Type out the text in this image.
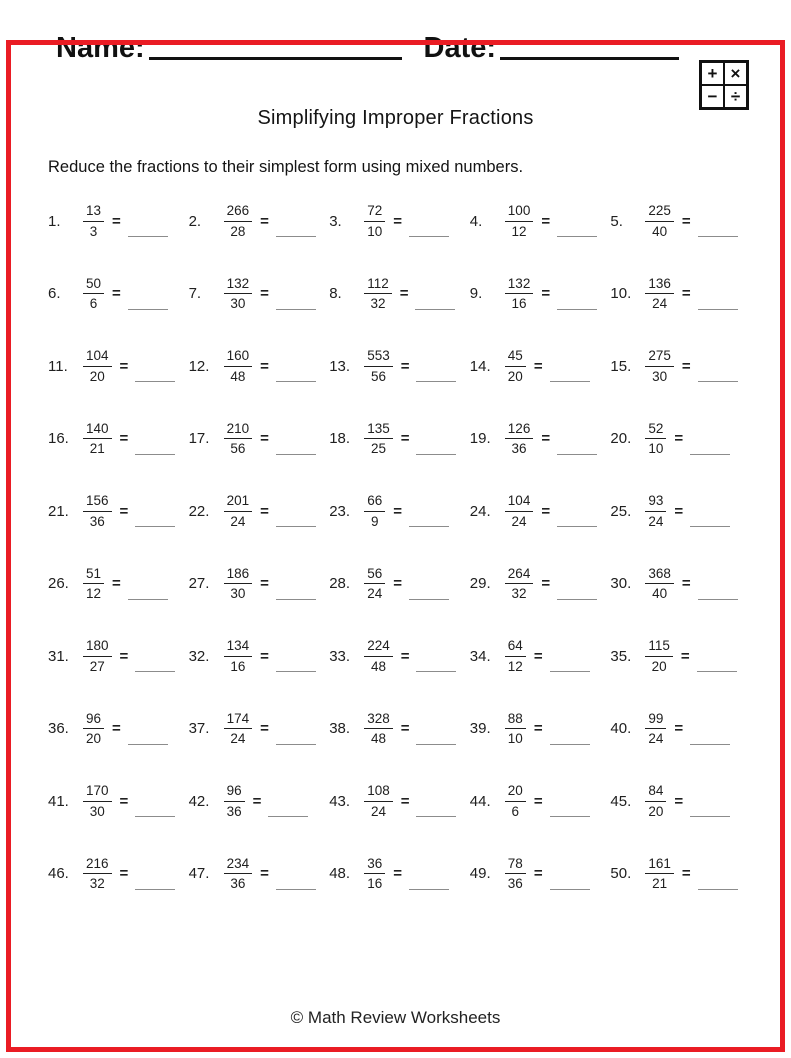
Name:	Date:
+ ×
− ÷
Simplifying Improper Fractions

Reduce the fractions to their simplest form using mixed numbers.

1.	$\frac{13}{3}$ =	2.	$\frac{266}{28}$ =	3.	$\frac{72}{10}$ =	4.	$\frac{100}{12}$ =	5.	$\frac{225}{40}$ =
6.	$\frac{50}{6}$ =	7.	$\frac{132}{30}$ =	8.	$\frac{112}{32}$ =	9.	$\frac{132}{16}$ =	10.	$\frac{136}{24}$ =
11.	$\frac{104}{20}$ =	12.	$\frac{160}{48}$ =	13.	$\frac{553}{56}$ =	14.	$\frac{45}{20}$ =	15.	$\frac{275}{30}$ =
16.	$\frac{140}{21}$ =	17.	$\frac{210}{56}$ =	18.	$\frac{135}{25}$ =	19.	$\frac{126}{36}$ =	20.	$\frac{52}{10}$ =
21.	$\frac{156}{36}$ =	22.	$\frac{201}{24}$ =	23.	$\frac{66}{9}$ =	24.	$\frac{104}{24}$ =	25.	$\frac{93}{24}$ =
26.	$\frac{51}{12}$ =	27.	$\frac{186}{30}$ =	28.	$\frac{56}{24}$ =	29.	$\frac{264}{32}$ =	30.	$\frac{368}{40}$ =
31.	$\frac{180}{27}$ =	32.	$\frac{134}{16}$ =	33.	$\frac{224}{48}$ =	34.	$\frac{64}{12}$ =	35.	$\frac{115}{20}$ =
36.	$\frac{96}{20}$ =	37.	$\frac{174}{24}$ =	38.	$\frac{328}{48}$ =	39.	$\frac{88}{10}$ =	40.	$\frac{99}{24}$ =
41.	$\frac{170}{30}$ =	42.	$\frac{96}{36}$ =	43.	$\frac{108}{24}$ =	44.	$\frac{20}{6}$ =	45.	$\frac{84}{20}$ =
46.	$\frac{216}{32}$ =	47.	$\frac{234}{36}$ =	48.	$\frac{36}{16}$ =	49.	$\frac{78}{36}$ =	50.	$\frac{161}{21}$ =
© Math Review Worksheets
